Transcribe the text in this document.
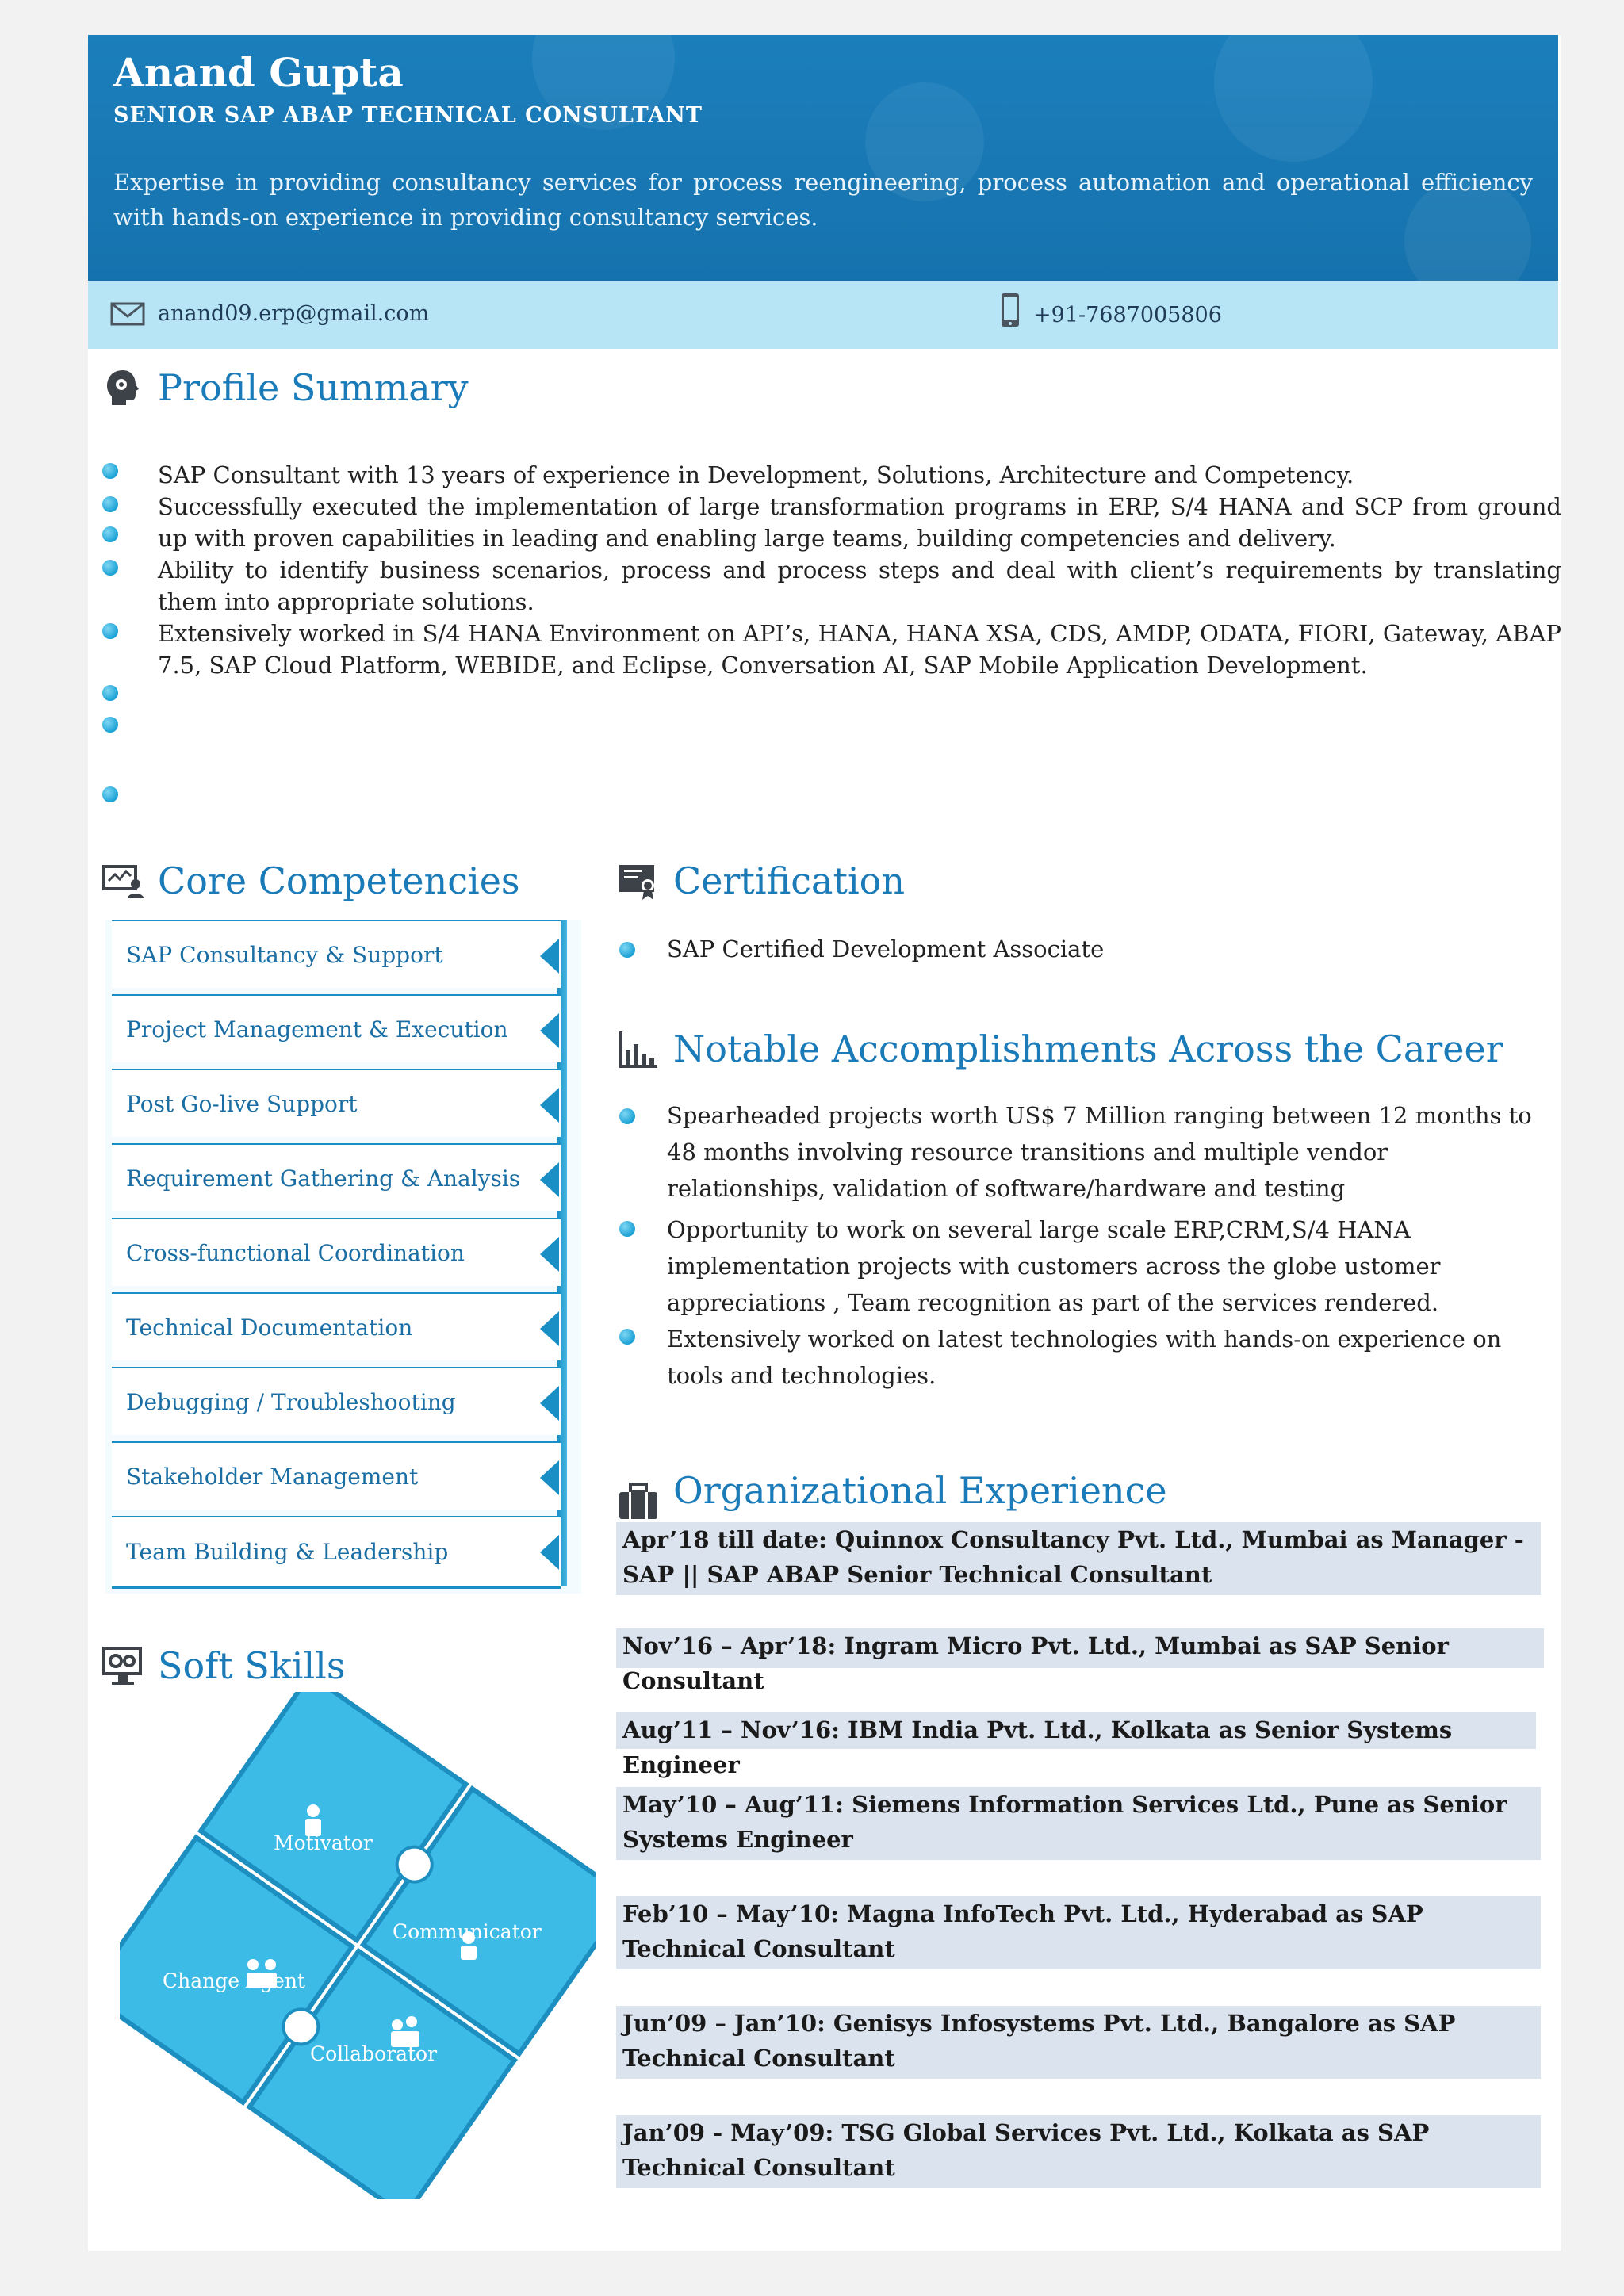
Anand Gupta
SENIOR SAP ABAP TECHNICAL CONSULTANT
Expertise in providing consultancy services for process reengineering, process automation and operational efficiency with hands-on experience in providing consultancy services.
anand09.erp@gmail.com	+91-7687005806
Profile Summary

SAP Consultant with 13 years of experience in Development, Solutions, Architecture and Competency.

Successfully executed the implementation of large transformation programs in ERP, S/4 HANA and SCP from ground up with proven capabilities in leading and enabling large teams, building competencies and delivery.

Ability to identify business scenarios, process and process steps and deal with client’s requirements by translating them into appropriate solutions.

Extensively worked in S/4 HANA Environment on API’s, HANA, HANA XSA, CDS, AMDP, ODATA, FIORI, Gateway, ABAP 7.5, SAP Cloud Platform, WEBIDE, and Eclipse, Conversation AI, SAP Mobile Application Development.

Core Competencies
SAP Consultancy & Support
Project Management & Execution
Post Go-live Support
Requirement Gathering & Analysis
Cross-functional Coordination
Technical Documentation
Debugging / Troubleshooting
Stakeholder Management
Team Building & Leadership
Soft Skills
Motivator
Communicator
Change Agent
Collaborator
Certification

SAP Certified Development Associate

Notable Accomplishments Across the Career

Spearheaded projects worth US$ 7 Million ranging between 12 months to 48 months involving resource transitions and multiple vendor relationships, validation of software/hardware and testing

Opportunity to work on several large scale ERP,CRM,S/4 HANA implementation projects with customers across the globe ustomer appreciations , Team recognition as part of the services rendered.

Extensively worked on latest technologies with hands-on experience on tools and technologies.

Organizational Experience
Apr’18 till date: Quinnox Consultancy Pvt. Ltd., Mumbai as Manager - SAP || SAP ABAP Senior Technical Consultant
Nov’16 – Apr’18: Ingram Micro Pvt. Ltd., Mumbai as SAP Senior Consultant
Aug’11 – Nov’16: IBM India Pvt. Ltd., Kolkata as Senior Systems Engineer
May’10 – Aug’11: Siemens Information Services Ltd., Pune as Senior Systems Engineer
Feb’10 – May’10: Magna InfoTech Pvt. Ltd., Hyderabad as SAP Technical Consultant
Jun’09 – Jan’10: Genisys Infosystems Pvt. Ltd., Bangalore as SAP Technical Consultant
Jan’09 - May’09: TSG Global Services Pvt. Ltd., Kolkata as SAP Technical Consultant
